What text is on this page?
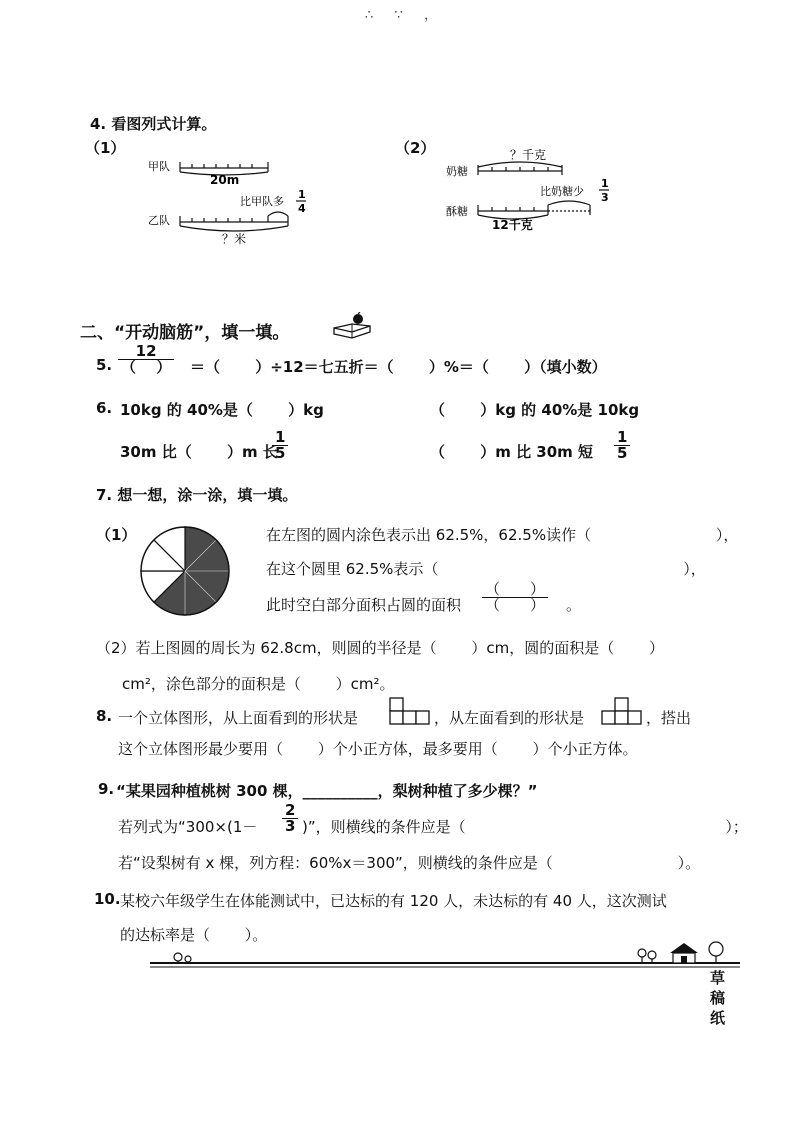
∴ 　 ∵ 　 ，
4. 看图列式计算。
（1）	（2）
甲队
20m
乙队
比甲队多
1
4
？米
奶糖
？千克
比奶糖少
1
3
酥糖
12千克
二、“开动脑筋”，填一填。
5. $\frac{12}{( )}$ ＝（　　 ）÷12＝七五折＝（　　 ）%＝（　　 ）（填小数）
6. 10kg 的 40%是（　　 ）kg	（　　 ）kg 的 40%是 10kg
30m 比（　　 ）m 长
$\frac{1}{5}$	（　　 ）m 比 30m 短 $\frac{1}{5}$
7. 想一想，涂一涂，填一填。
（1）	在左图的圆内涂色表示出 62.5%，62.5%读作（　　　　　　　　 ），
在这个圆里 62.5%表示（　　　　　　　　　　　　　　　　 ），
此时空白部分面积占圆的面积 $\frac{( )}{( )}$ 。
（2）若上图圆的周长为 62.8cm，则圆的半径是（　　 ）cm，圆的面积是（　　 ）
cm²，涂色部分的面积是（　　 ）cm²。
8. 一个立体图形，从上面看到的形状是	，从左面看到的形状是	，搭出
这个立体图形最少要用（　　 ）个小正方体，最多要用（　　 ）个小正方体。
9. “某果园种植桃树 300 棵，__________，梨树种植了多少棵？”
若列式为“$300\times(1- \frac{2}{3}$ )”，则横线的条件应是（　　　　　　　　　　　　　　　　　 ）；
若“设梨树有 x 棵，列方程：60%x＝300”，则横线的条件应是（　　　　　　　　 ）。
10. 某校六年级学生在体能测试中，已达标的有 120 人，未达标的有 40 人，这次测试
的达标率是（　　 ）。
草
稿
纸
